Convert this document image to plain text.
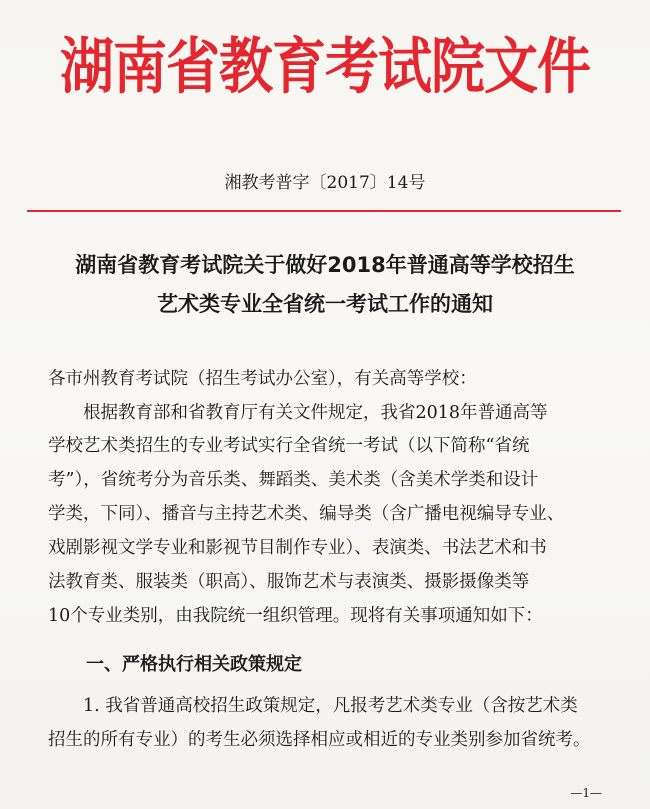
湖南省教育考试院文件
湘教考普字〔2017〕14号
湖南省教育考试院关于做好2018年普通高等学校招生
艺术类专业全省统一考试工作的通知
各市州教育考试院（招生考试办公室），有关高等学校：
　　根据教育部和省教育厅有关文件规定，我省2018年普通高等
学校艺术类招生的专业考试实行全省统一考试（以下简称“省统
考”），省统考分为音乐类、舞蹈类、美术类（含美术学类和设计
学类，下同）、播音与主持艺术类、编导类（含广播电视编导专业、
戏剧影视文学专业和影视节目制作专业）、表演类、书法艺术和书
法教育类、服装类（职高）、服饰艺术与表演类、摄影摄像类等
10个专业类别，由我院统一组织管理。现将有关事项通知如下：
一、严格执行相关政策规定
　　1. 我省普通高校招生政策规定，凡报考艺术类专业（含按艺术类
招生的所有专业）的考生必须选择相应或相近的专业类别参加省统考。
—1—
